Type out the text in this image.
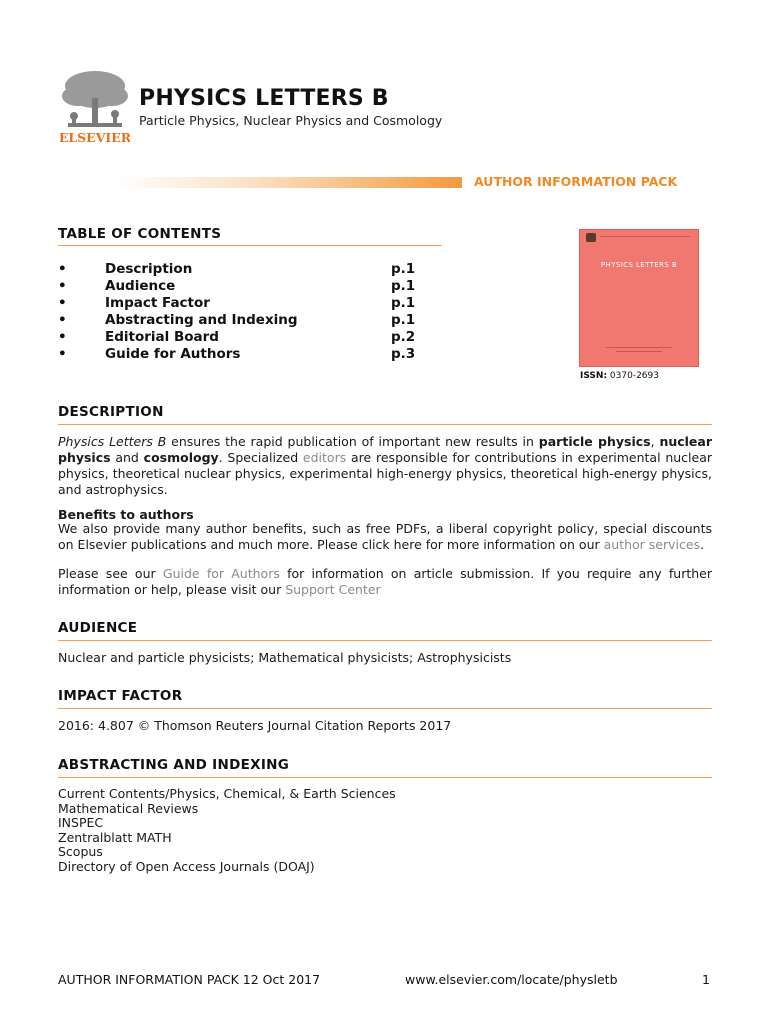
ELSEVIER
PHYSICS LETTERS B
Particle Physics, Nuclear Physics and Cosmology
AUTHOR INFORMATION PACK
TABLE OF CONTENTS
•	Description	p.1
•	Audience	p.1
•	Impact Factor	p.1
•	Abstracting and Indexing	p.1
•	Editorial Board	p.2
•	Guide for Authors	p.3
PHYSICS LETTERS B
ISSN: 0370-2693
DESCRIPTION
Physics Letters B ensures the rapid publication of important new results in particle physics, nuclear physics and cosmology. Specialized editors are responsible for contributions in experimental nuclear physics, theoretical nuclear physics, experimental high-energy physics, theoretical high-energy physics, and astrophysics.
Benefits to authors
We also provide many author benefits, such as free PDFs, a liberal copyright policy, special discounts on Elsevier publications and much more. Please click here for more information on our author services.
Please see our Guide for Authors for information on article submission. If you require any further information or help, please visit our Support Center
AUDIENCE
Nuclear and particle physicists; Mathematical physicists; Astrophysicists
IMPACT FACTOR
2016: 4.807 © Thomson Reuters Journal Citation Reports 2017
ABSTRACTING AND INDEXING
Current Contents/Physics, Chemical, & Earth Sciences
Mathematical Reviews
INSPEC
Zentralblatt MATH
Scopus
Directory of Open Access Journals (DOAJ)
AUTHOR INFORMATION PACK 12 Oct 2017	www.elsevier.com/locate/physletb	1
